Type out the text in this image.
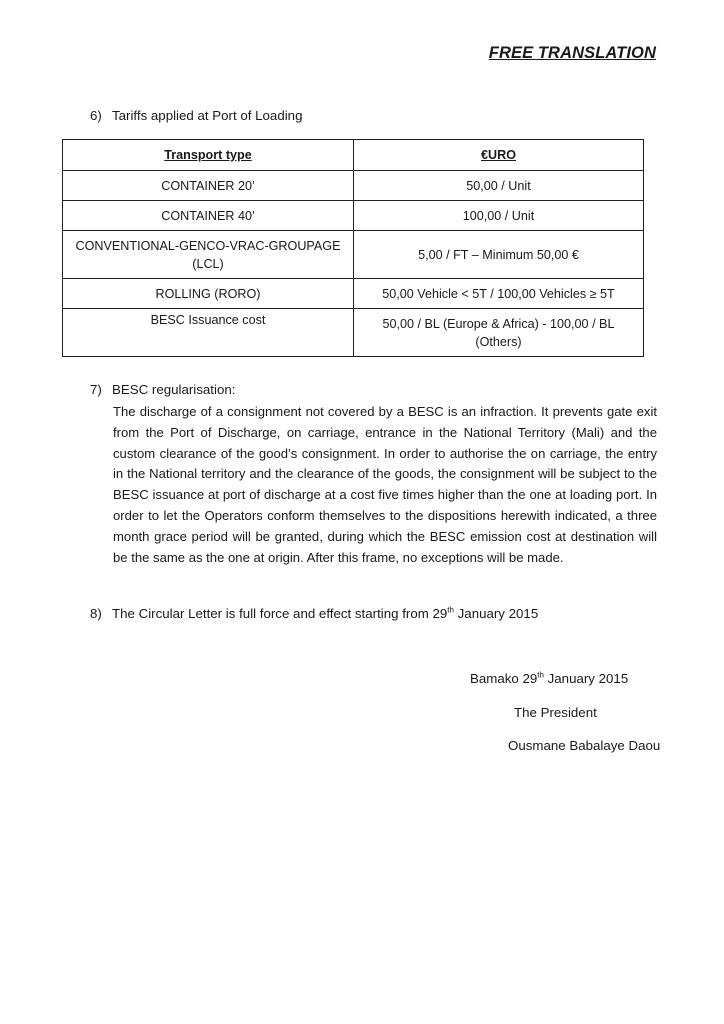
FREE TRANSLATION
6) Tariffs applied at Port of Loading
Transport type	€URO
CONTAINER 20’	50,00 / Unit
CONTAINER 40’	100,00 / Unit
CONVENTIONAL-GENCO-VRAC-GROUPAGE (LCL)	5,00 / FT – Minimum 50,00 €
ROLLING (RORO)	50,00 Vehicle < 5T / 100,00 Vehicles ≥ 5T
BESC Issuance cost	50,00 / BL (Europe & Africa) - 100,00 / BL (Others)
7) BESC regularisation:
The discharge of a consignment not covered by a BESC is an infraction. It prevents gate exit from the Port of Discharge, on carriage, entrance in the National Territory (Mali) and the custom clearance of the good’s consignment. In order to authorise the on carriage, the entry in the National territory and the clearance of the goods, the consignment will be subject to the BESC issuance at port of discharge at a cost five times higher than the one at loading port. In order to let the Operators conform themselves to the dispositions herewith indicated, a three month grace period will be granted, during which the BESC emission cost at destination will be the same as the one at origin. After this frame, no exceptions will be made.
8) The Circular Letter is full force and effect starting from 29th January 2015
Bamako 29th January 2015
The President
Ousmane Babalaye Daou
